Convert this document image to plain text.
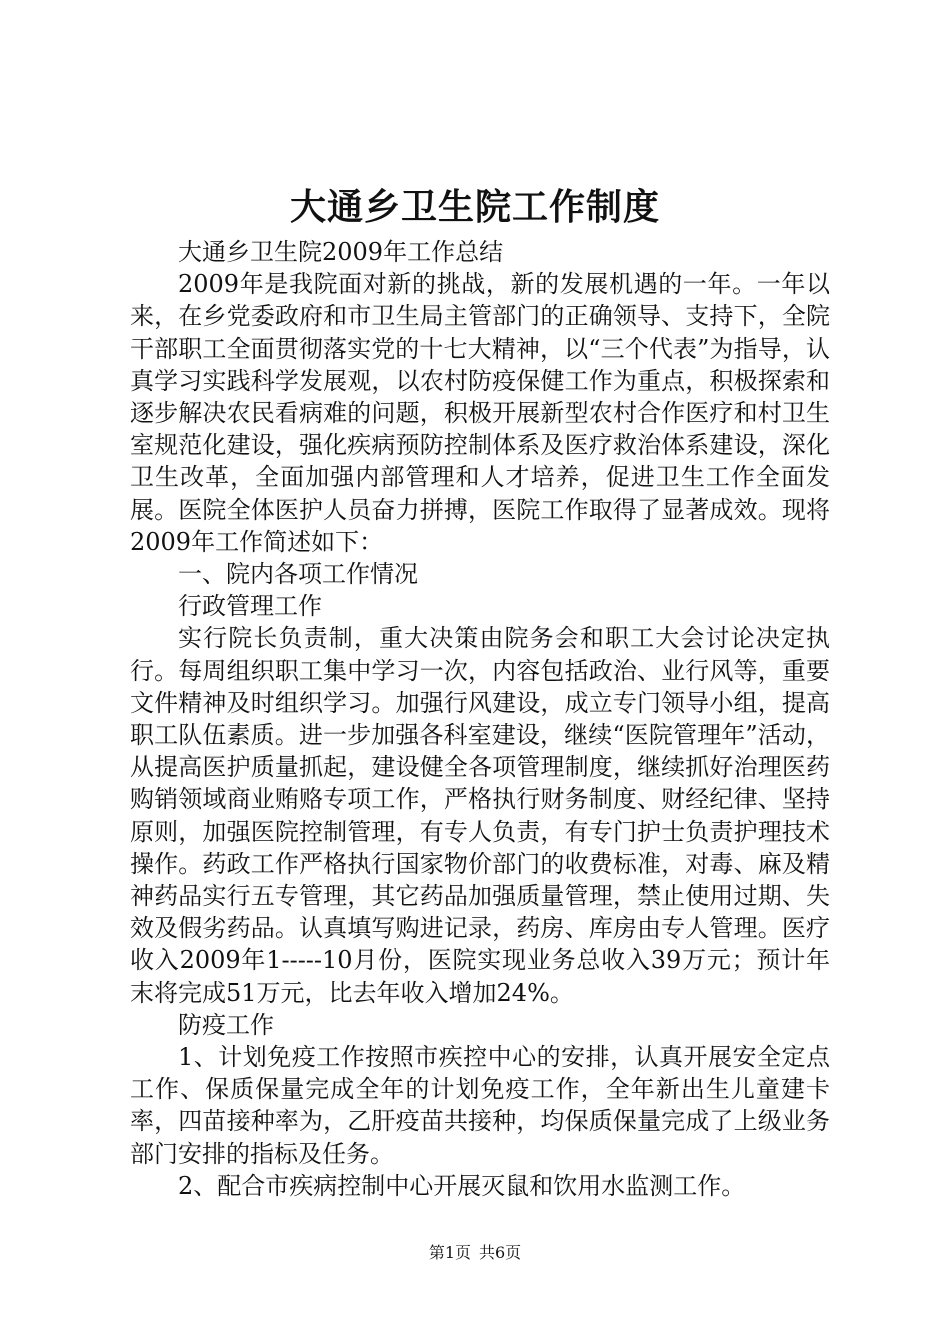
大通乡卫生院工作制度

大通乡卫生院2009年工作总结

2009年是我院面对新的挑战，新的发展机遇的一年。一年以来，在乡党委政府和市卫生局主管部门的正确领导、支持下，全院干部职工全面贯彻落实党的十七大精神，以“三个代表”为指导，认真学习实践科学发展观，以农村防疫保健工作为重点，积极探索和逐步解决农民看病难的问题，积极开展新型农村合作医疗和村卫生室规范化建设，强化疾病预防控制体系及医疗救治体系建设，深化卫生改革，全面加强内部管理和人才培养，促进卫生工作全面发展。医院全体医护人员奋力拼搏，医院工作取得了显著成效。现将2009年工作简述如下：

一、院内各项工作情况

行政管理工作

实行院长负责制，重大决策由院务会和职工大会讨论决定执行。每周组织职工集中学习一次，内容包括政治、业行风等，重要文件精神及时组织学习。加强行风建设，成立专门领导小组，提高职工队伍素质。进一步加强各科室建设，继续“医院管理年”活动，从提高医护质量抓起，建设健全各项管理制度，继续抓好治理医药购销领域商业贿赂专项工作，严格执行财务制度、财经纪律、坚持原则，加强医院控制管理，有专人负责，有专门护士负责护理技术操作。药政工作严格执行国家物价部门的收费标准，对毒、麻及精神药品实行五专管理，其它药品加强质量管理，禁止使用过期、失效及假劣药品。认真填写购进记录，药房、库房由专人管理。医疗收入2009年1-----10月份，医院实现业务总收入39万元；预计年末将完成51万元，比去年收入增加24%。

防疫工作

1、计划免疫工作按照市疾控中心的安排，认真开展安全定点工作、保质保量完成全年的计划免疫工作，全年新出生儿童建卡率，四苗接种率为，乙肝疫苗共接种，均保质保量完成了上级业务部门安排的指标及任务。

2、配合市疾病控制中心开展灭鼠和饮用水监测工作。

第1页 共6页
